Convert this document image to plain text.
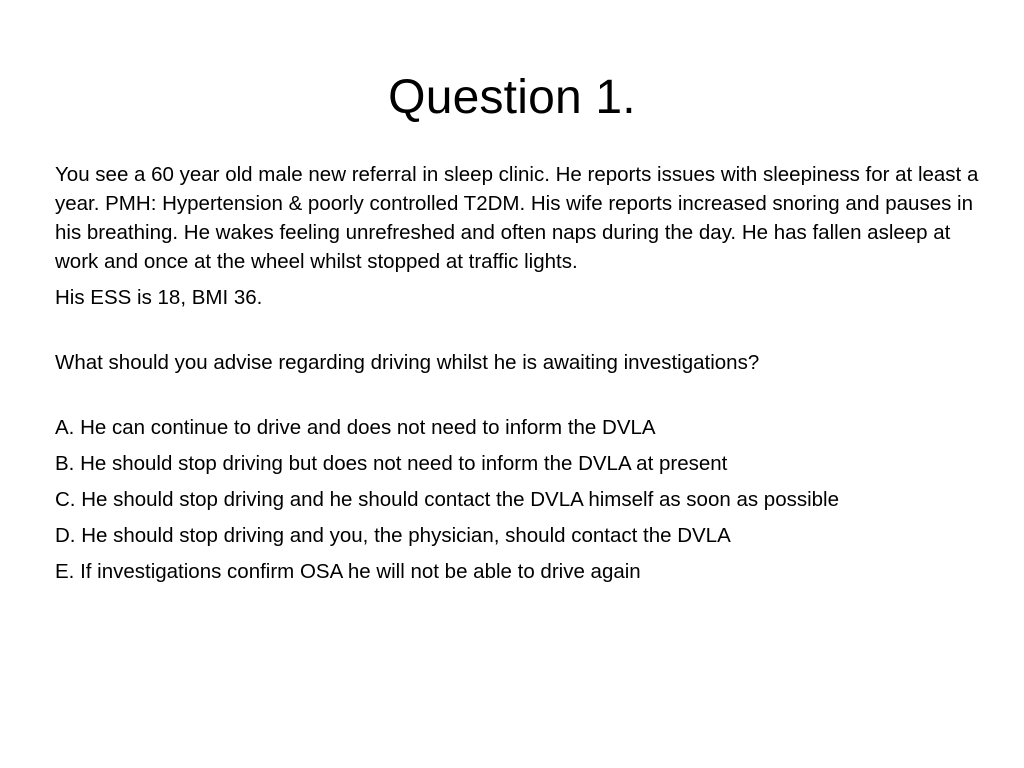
Question 1.

You see a 60 year old male new referral in sleep clinic. He reports issues with sleepiness for at least a year. PMH: Hypertension & poorly controlled T2DM. His wife reports increased snoring and pauses in his breathing. He wakes feeling unrefreshed and often naps during the day. He has fallen asleep at work and once at the wheel whilst stopped at traffic lights.

His ESS is 18, BMI 36.

What should you advise regarding driving whilst he is awaiting investigations?

A. He can continue to drive and does not need to inform the DVLA

B. He should stop driving but does not need to inform the DVLA at present

C. He should stop driving and he should contact the DVLA himself as soon as possible

D. He should stop driving and you, the physician, should contact the DVLA

E. If investigations confirm OSA he will not be able to drive again
